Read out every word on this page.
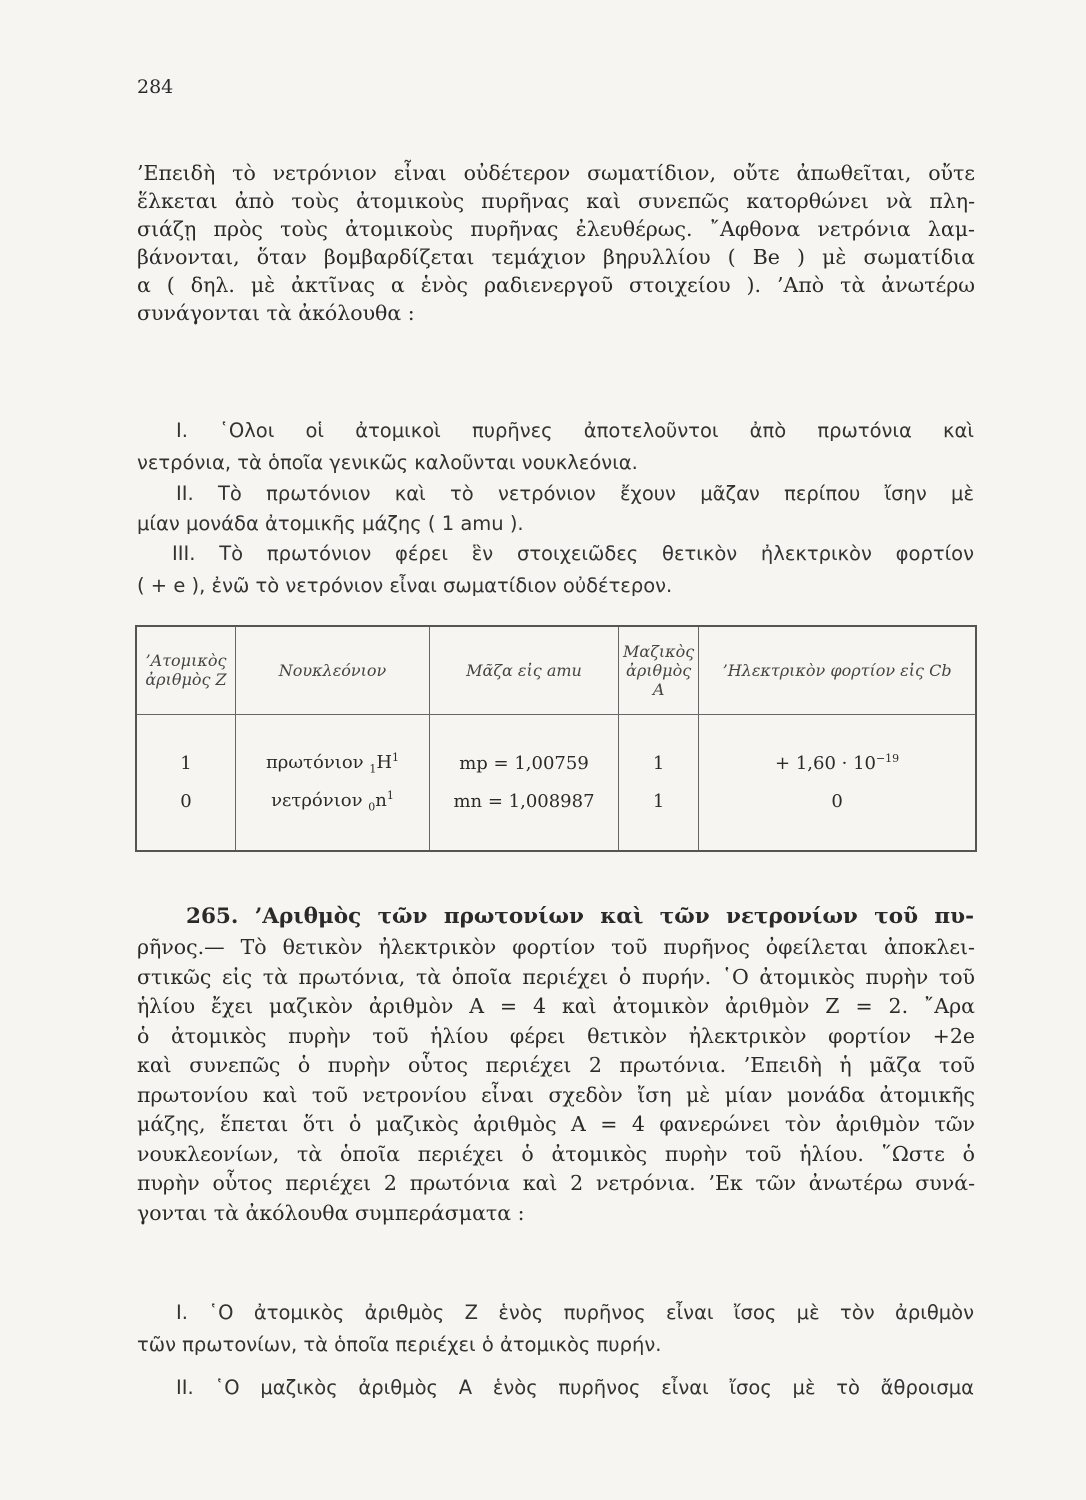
284
’Επειδὴ τὸ νετρόνιον εἶναι οὐδέτερον σωματίδιον, οὔτε ἀπωθεῖται, οὔτε
ἕλκεται ἀπὸ τοὺς ἀτομικοὺς πυρῆνας καὶ συνεπῶς κατορθώνει νὰ πλη-
σιάζῃ πρὸς τοὺς ἀτομικοὺς πυρῆνας ἐλευθέρως. ῎Αφθονα νετρόνια λαμ-
βάνονται, ὅταν βομβαρδίζεται τεμάχιον βηρυλλίου ( Be ) μὲ σωματίδια
α ( δηλ. μὲ ἀκτῖνας α ἑνὸς ραδιενεργοῦ στοιχείου ). ’Απὸ τὰ ἀνωτέρω
συνάγονται τὰ ἀκόλουθα :
I. ῾Ολοι οἱ ἀτομικοὶ πυρῆνες ἀποτελοῦντοι ἀπὸ πρωτόνια καὶ
νετρόνια, τὰ ὁποῖα γενικῶς καλοῦνται νουκλεόνια.
II. Τὸ πρωτόνιον καὶ τὸ νετρόνιον ἔχουν μᾶζαν περίπου ἴσην μὲ
μίαν μονάδα ἀτομικῆς μάζης ( 1 amu ).
III. Τὸ πρωτόνιον φέρει ἓν στοιχειῶδες θετικὸν ἠλεκτρικὸν φορτίον
( + e ), ἐνῶ τὸ νετρόνιον εἶναι σωματίδιον οὐδέτερον.
’Ατομικὸς ἀριθμὸς Z	Νουκλεόνιον	Μᾶζα εἰς amu	Μαζικὸς ἀριθμὸς A	’Ηλεκτρικὸν φορτίον εἰς Cb
1	πρωτόνιον $_1H^1$	mp = 1,00759	1	+ $1,60 \cdot 10^{-19}$
0	νετρόνιον $_0n^1$	mn = 1,008987	1	0
265. ’Αριθμὸς τῶν πρωτονίων καὶ τῶν νετρονίων τοῦ πυ-
ρῆνος.— Τὸ θετικὸν ἠλεκτρικὸν φορτίον τοῦ πυρῆνος ὀφείλεται ἀποκλει-
στικῶς εἰς τὰ πρωτόνια, τὰ ὁποῖα περιέχει ὁ πυρήν. ῾Ο ἀτομικὸς πυρὴν τοῦ
ἡλίου ἔχει μαζικὸν ἀριθμὸν A = 4 καὶ ἀτομικὸν ἀριθμὸν Z = 2. ῎Αρα
ὁ ἀτομικὸς πυρὴν τοῦ ἡλίου φέρει θετικὸν ἠλεκτρικὸν φορτίον +2e
καὶ συνεπῶς ὁ πυρὴν οὗτος περιέχει 2 πρωτόνια. ’Επειδὴ ἡ μᾶζα τοῦ
πρωτονίου καὶ τοῦ νετρονίου εἶναι σχεδὸν ἴση μὲ μίαν μονάδα ἀτομικῆς
μάζης, ἕπεται ὅτι ὁ μαζικὸς ἀριθμὸς A = 4 φανερώνει τὸν ἀριθμὸν τῶν
νουκλεονίων, τὰ ὁποῖα περιέχει ὁ ἀτομικὸς πυρὴν τοῦ ἡλίου. ῞Ωστε ὁ
πυρὴν οὗτος περιέχει 2 πρωτόνια καὶ 2 νετρόνια. ’Εκ τῶν ἀνωτέρω συνά-
γονται τὰ ἀκόλουθα συμπεράσματα :
I. ῾Ο ἀτομικὸς ἀριθμὸς Z ἑνὸς πυρῆνος εἶναι ἴσος μὲ τὸν ἀριθμὸν
τῶν πρωτονίων, τὰ ὁποῖα περιέχει ὁ ἀτομικὸς πυρήν.
II. ῾Ο μαζικὸς ἀριθμὸς A ἑνὸς πυρῆνος εἶναι ἴσος μὲ τὸ ἄθροισμα
